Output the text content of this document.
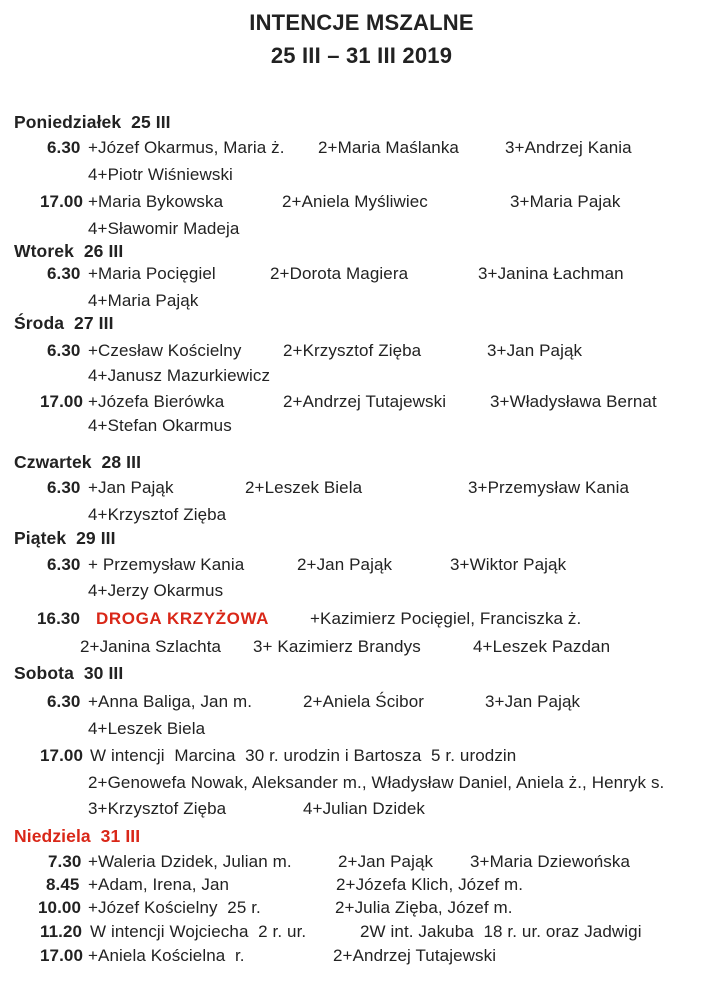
INTENCJE MSZALNE
25 III – 31 III 2019
Poniedziałek  25 III
6.30 +Józef Okarmus, Maria ż. 2+Maria Maślanka	3+Andrzej Kania
4+Piotr Wiśniewski
17.00 +Maria Bykowska	2+Aniela Myśliwiec	3+Maria Pajak
4+Sławomir Madeja
Wtorek  26 III
6.30 +Maria Pocięgiel	2+Dorota Magiera	3+Janina Łachman
4+Maria Pająk
Środa  27 III
6.30 +Czesław Kościelny 2+Krzysztof Zięba	3+Jan Pająk
4+Janusz Mazurkiewicz
17.00 +Józefa Bierówka	2+Andrzej Tutajewski	3+Władysława Bernat
4+Stefan Okarmus
Czwartek  28 III
6.30 +Jan Pająk	2+Leszek Biela	3+Przemysław Kania
4+Krzysztof Zięba
Piątek  29 III
6.30 + Przemysław Kania	2+Jan Pająk	3+Wiktor Pająk
4+Jerzy Okarmus
16.30 DROGA KRZYŻOWA +Kazimierz Pocięgiel, Franciszka ż.
2+Janina Szlachta 3+ Kazimierz Brandys	4+Leszek Pazdan
Sobota  30 III
6.30 +Anna Baliga, Jan m.	2+Aniela Ścibor	3+Jan Pająk
4+Leszek Biela
17.00 W intencji  Marcina  30 r. urodzin i Bartosza  5 r. urodzin
2+Genowefa Nowak, Aleksander m., Władysław Daniel, Aniela ż., Henryk s.
3+Krzysztof Zięba	4+Julian Dzidek
Niedziela  31 III
7.30 +Waleria Dzidek, Julian m.	2+Jan Pająk 3+Maria Dziewońska
8.45 +Adam, Irena, Jan	2+Józefa Klich, Józef m.
10.00 +Józef Kościelny  25 r.	2+Julia Zięba, Józef m.
11.20 W intencji Wojciecha  2 r. ur.	2W int. Jakuba  18 r. ur. oraz Jadwigi
17.00 +Aniela Kościelna  r.	2+Andrzej Tutajewski
